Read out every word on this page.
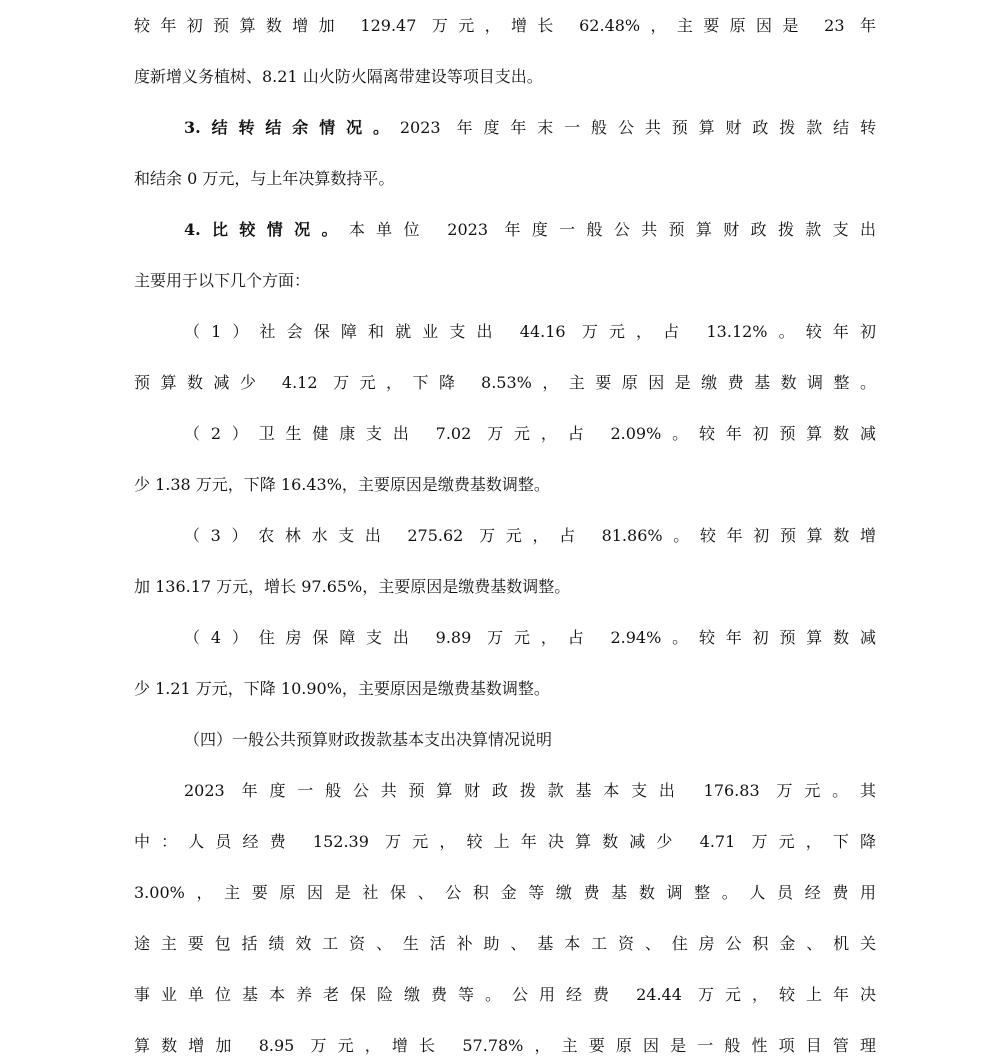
较年初预算数增加 129.47 万元，增长 62.48%，主要原因是 23 年
度新增义务植树、8.21 山火防火隔离带建设等项目支出。
3.结转结余情况。2023 年度年末一般公共预算财政拨款结转
和结余 0 万元，与上年决算数持平。
4.比较情况。本单位 2023 年度一般公共预算财政拨款支出
主要用于以下几个方面：
（1）社会保障和就业支出 44.16 万元，占 13.12%。较年初
预算数减少 4.12 万元，下降 8.53%，主要原因是缴费基数调整。
（2）卫生健康支出 7.02 万元，占 2.09%。较年初预算数减
少 1.38 万元，下降 16.43%，主要原因是缴费基数调整。
（3）农林水支出 275.62 万元，占 81.86%。较年初预算数增
加 136.17 万元，增长 97.65%，主要原因是缴费基数调整。
（4）住房保障支出 9.89 万元，占 2.94%。较年初预算数减
少 1.21 万元，下降 10.90%，主要原因是缴费基数调整。
（四）一般公共预算财政拨款基本支出决算情况说明
2023 年度一般公共预算财政拨款基本支出 176.83 万元。其
中：人员经费 152.39 万元，较上年决算数减少 4.71 万元，下降
3.00%，主要原因是社保、公积金等缴费基数调整。人员经费用
途主要包括绩效工资、生活补助、基本工资、住房公积金、机关
事业单位基本养老保险缴费等。公用经费 24.44 万元，较上年决
算数增加 8.95 万元，增长 57.78%，主要原因是一般性项目管理
